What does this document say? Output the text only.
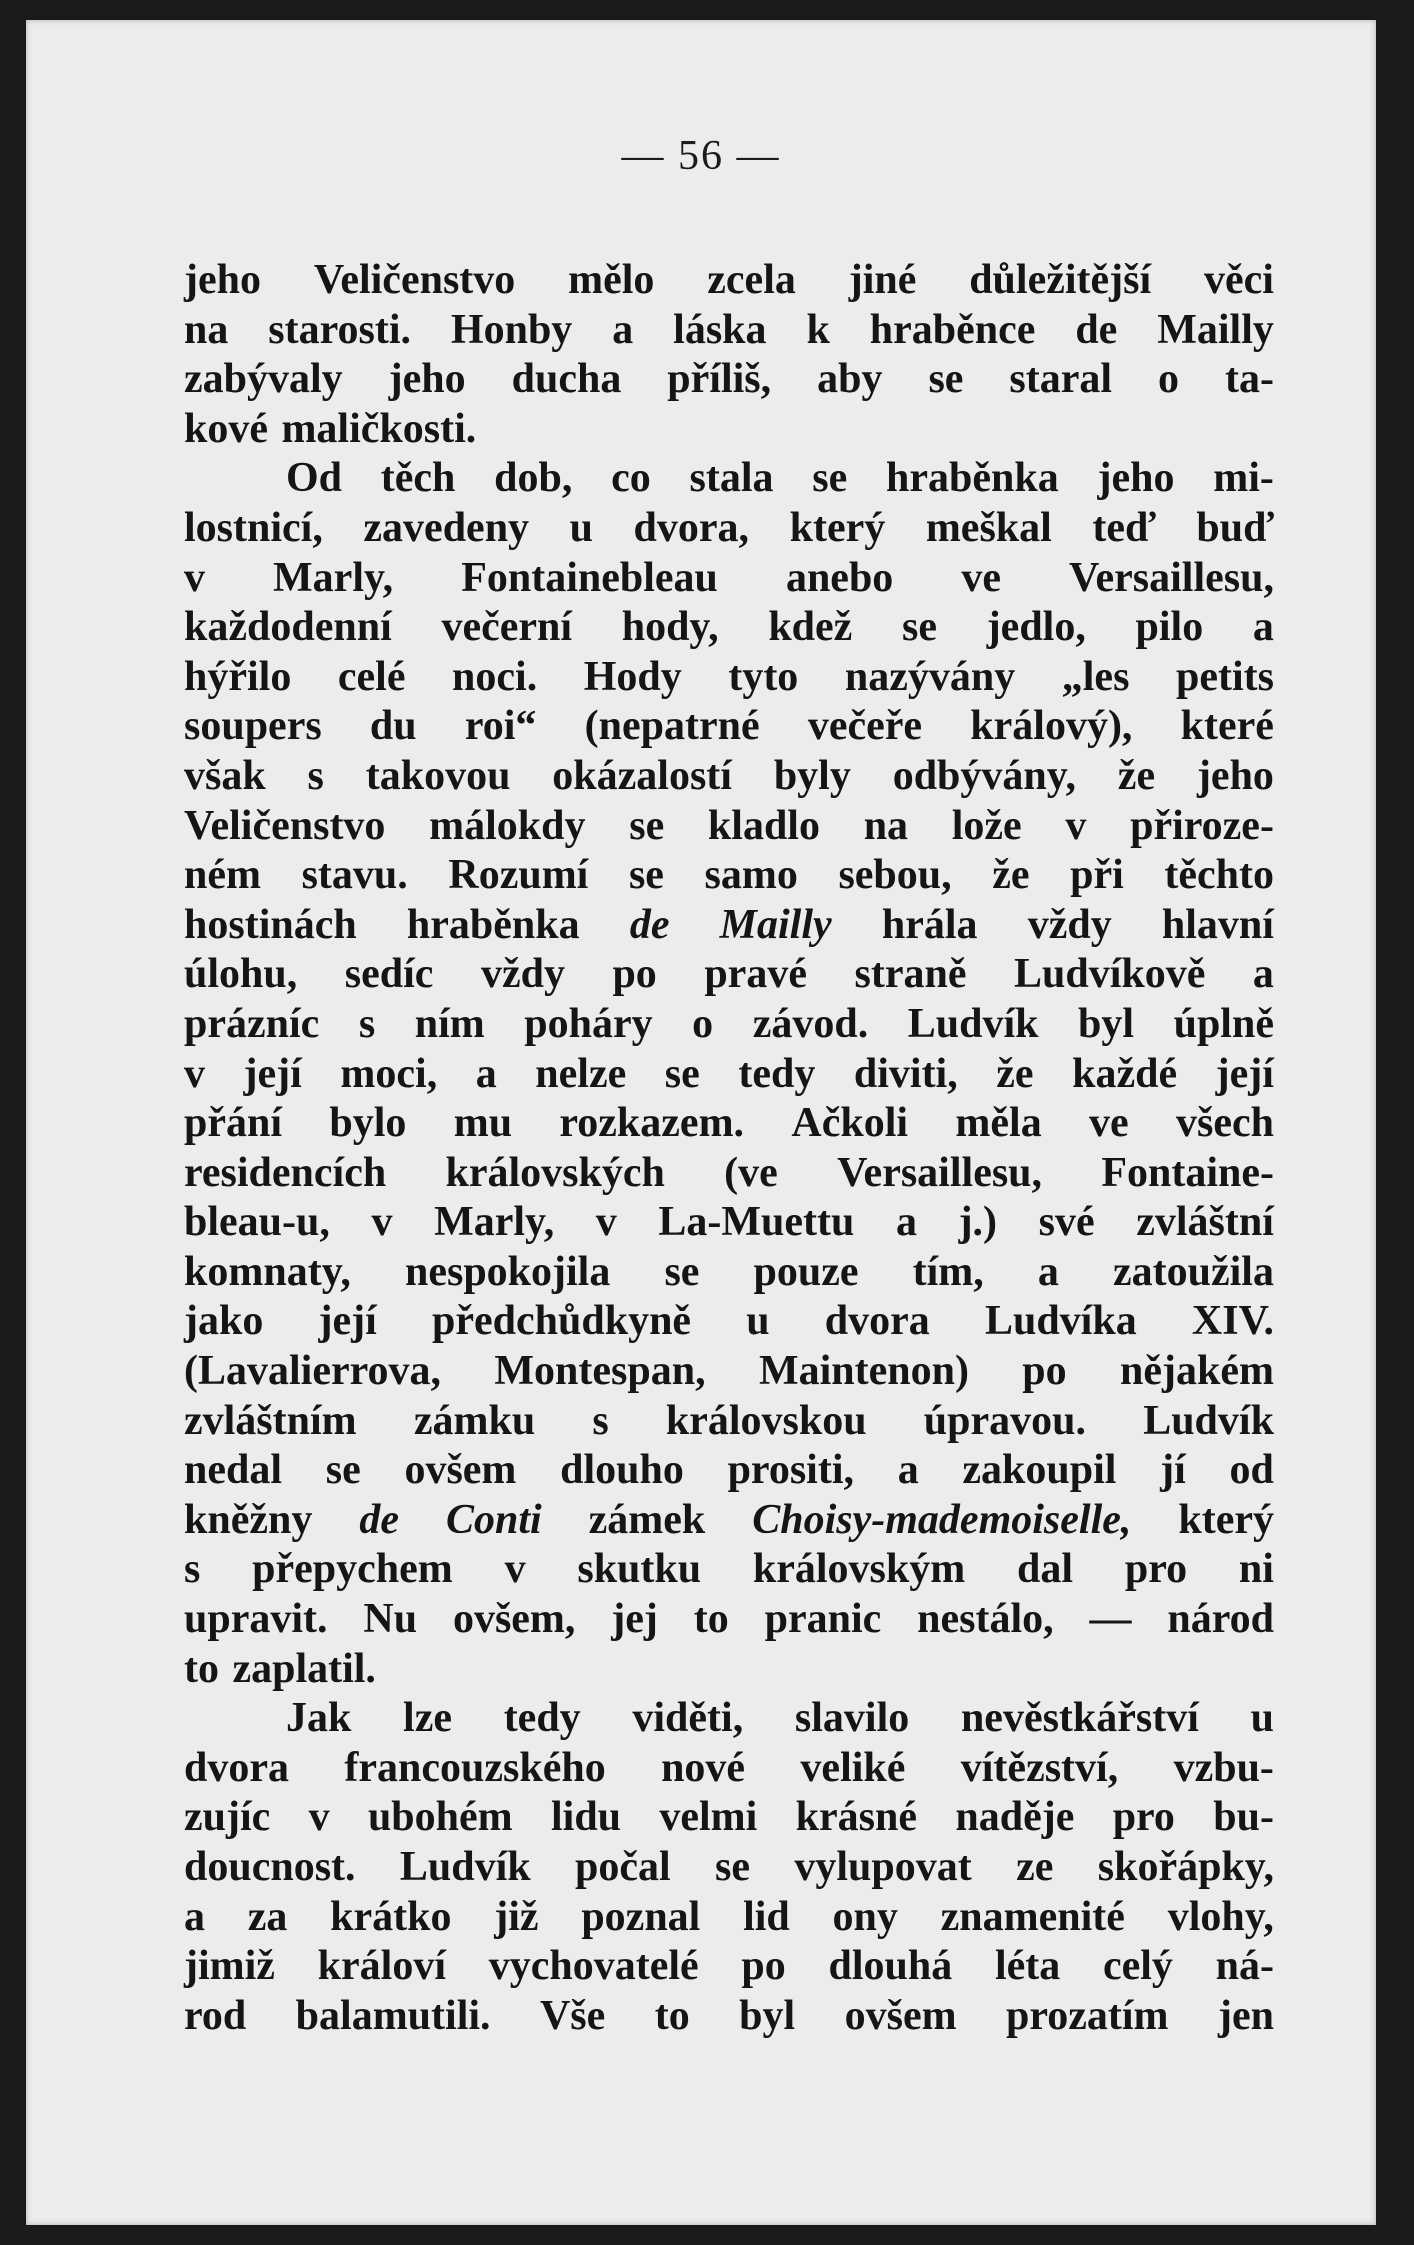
— 56 —
jeho Veličenstvo mělo zcela jiné důležitější věci
na starosti. Honby a láska k hraběnce de Mailly
zabývaly jeho ducha příliš, aby se staral o ta-
kové maličkosti.
Od těch dob, co stala se hraběnka jeho mi-
lostnicí, zavedeny u dvora, který meškal teď buď
v Marly, Fontainebleau anebo ve Versaillesu,
každodenní večerní hody, kdež se jedlo, pilo a
hýřilo celé noci. Hody tyto nazývány „les petits
soupers du roi“ (nepatrné večeře králový), které
však s takovou okázalostí byly odbývány, že jeho
Veličenstvo málokdy se kladlo na lože v přiroze-
ném stavu. Rozumí se samo sebou, že při těchto
hostinách hraběnka de Mailly hrála vždy hlavní
úlohu, sedíc vždy po pravé straně Ludvíkově a
prázníc s ním poháry o závod. Ludvík byl úplně
v její moci, a nelze se tedy diviti, že každé její
přání bylo mu rozkazem. Ačkoli měla ve všech
residencích královských (ve Versaillesu, Fontaine-
bleau-u, v Marly, v La-Muettu a j.) své zvláštní
komnaty, nespokojila se pouze tím, a zatoužila
jako její předchůdkyně u dvora Ludvíka XIV.
(Lavalierrova, Montespan, Maintenon) po nějakém
zvláštním zámku s královskou úpravou. Ludvík
nedal se ovšem dlouho prositi, a zakoupil jí od
kněžny de Conti zámek Choisy-mademoiselle, který
s přepychem v skutku královským dal pro ni
upravit. Nu ovšem, jej to pranic nestálo, — národ
to zaplatil.
Jak lze tedy viděti, slavilo nevěstkářství u
dvora francouzského nové veliké vítězství, vzbu-
zujíc v ubohém lidu velmi krásné naděje pro bu-
doucnost. Ludvík počal se vylupovat ze skořápky,
a za krátko již poznal lid ony znamenité vlohy,
jimiž královí vychovatelé po dlouhá léta celý ná-
rod balamutili. Vše to byl ovšem prozatím jen
